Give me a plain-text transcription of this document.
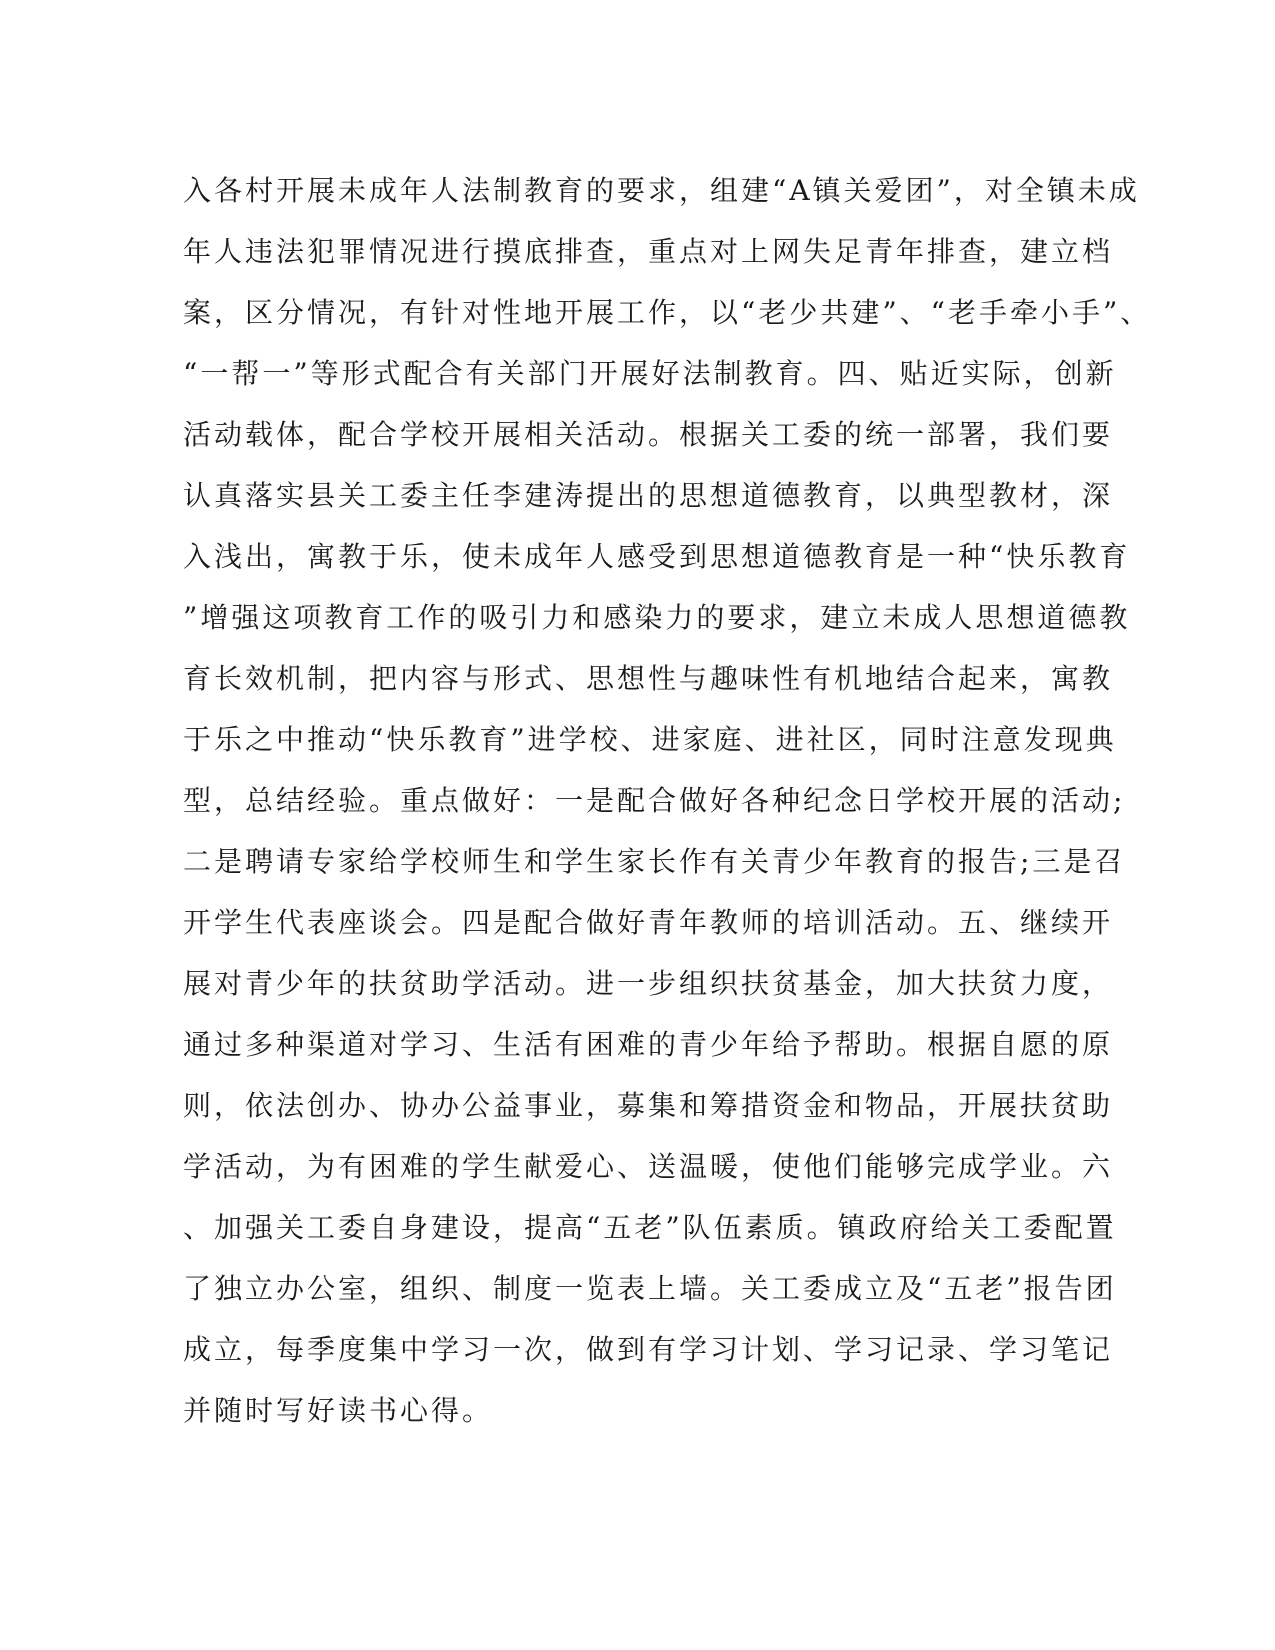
入各村开展未成年人法制教育的要求，组建“A镇关爱团”，对全镇未成
年人违法犯罪情况进行摸底排查，重点对上网失足青年排查，建立档
案，区分情况，有针对性地开展工作，以“老少共建”、“老手牵小手”、
“一帮一”等形式配合有关部门开展好法制教育。四、贴近实际，创新
活动载体，配合学校开展相关活动。根据关工委的统一部署，我们要
认真落实县关工委主任李建涛提出的思想道德教育，以典型教材，深
入浅出，寓教于乐，使未成年人感受到思想道德教育是一种“快乐教育
”增强这项教育工作的吸引力和感染力的要求，建立未成人思想道德教
育长效机制，把内容与形式、思想性与趣味性有机地结合起来，寓教
于乐之中推动“快乐教育”进学校、进家庭、进社区，同时注意发现典
型，总结经验。重点做好：一是配合做好各种纪念日学校开展的活动;
二是聘请专家给学校师生和学生家长作有关青少年教育的报告;三是召
开学生代表座谈会。四是配合做好青年教师的培训活动。五、继续开
展对青少年的扶贫助学活动。进一步组织扶贫基金，加大扶贫力度，
通过多种渠道对学习、生活有困难的青少年给予帮助。根据自愿的原
则，依法创办、协办公益事业，募集和筹措资金和物品，开展扶贫助
学活动，为有困难的学生献爱心、送温暖，使他们能够完成学业。六
、加强关工委自身建设，提高“五老”队伍素质。镇政府给关工委配置
了独立办公室，组织、制度一览表上墙。关工委成立及“五老”报告团
成立，每季度集中学习一次，做到有学习计划、学习记录、学习笔记
并随时写好读书心得。
